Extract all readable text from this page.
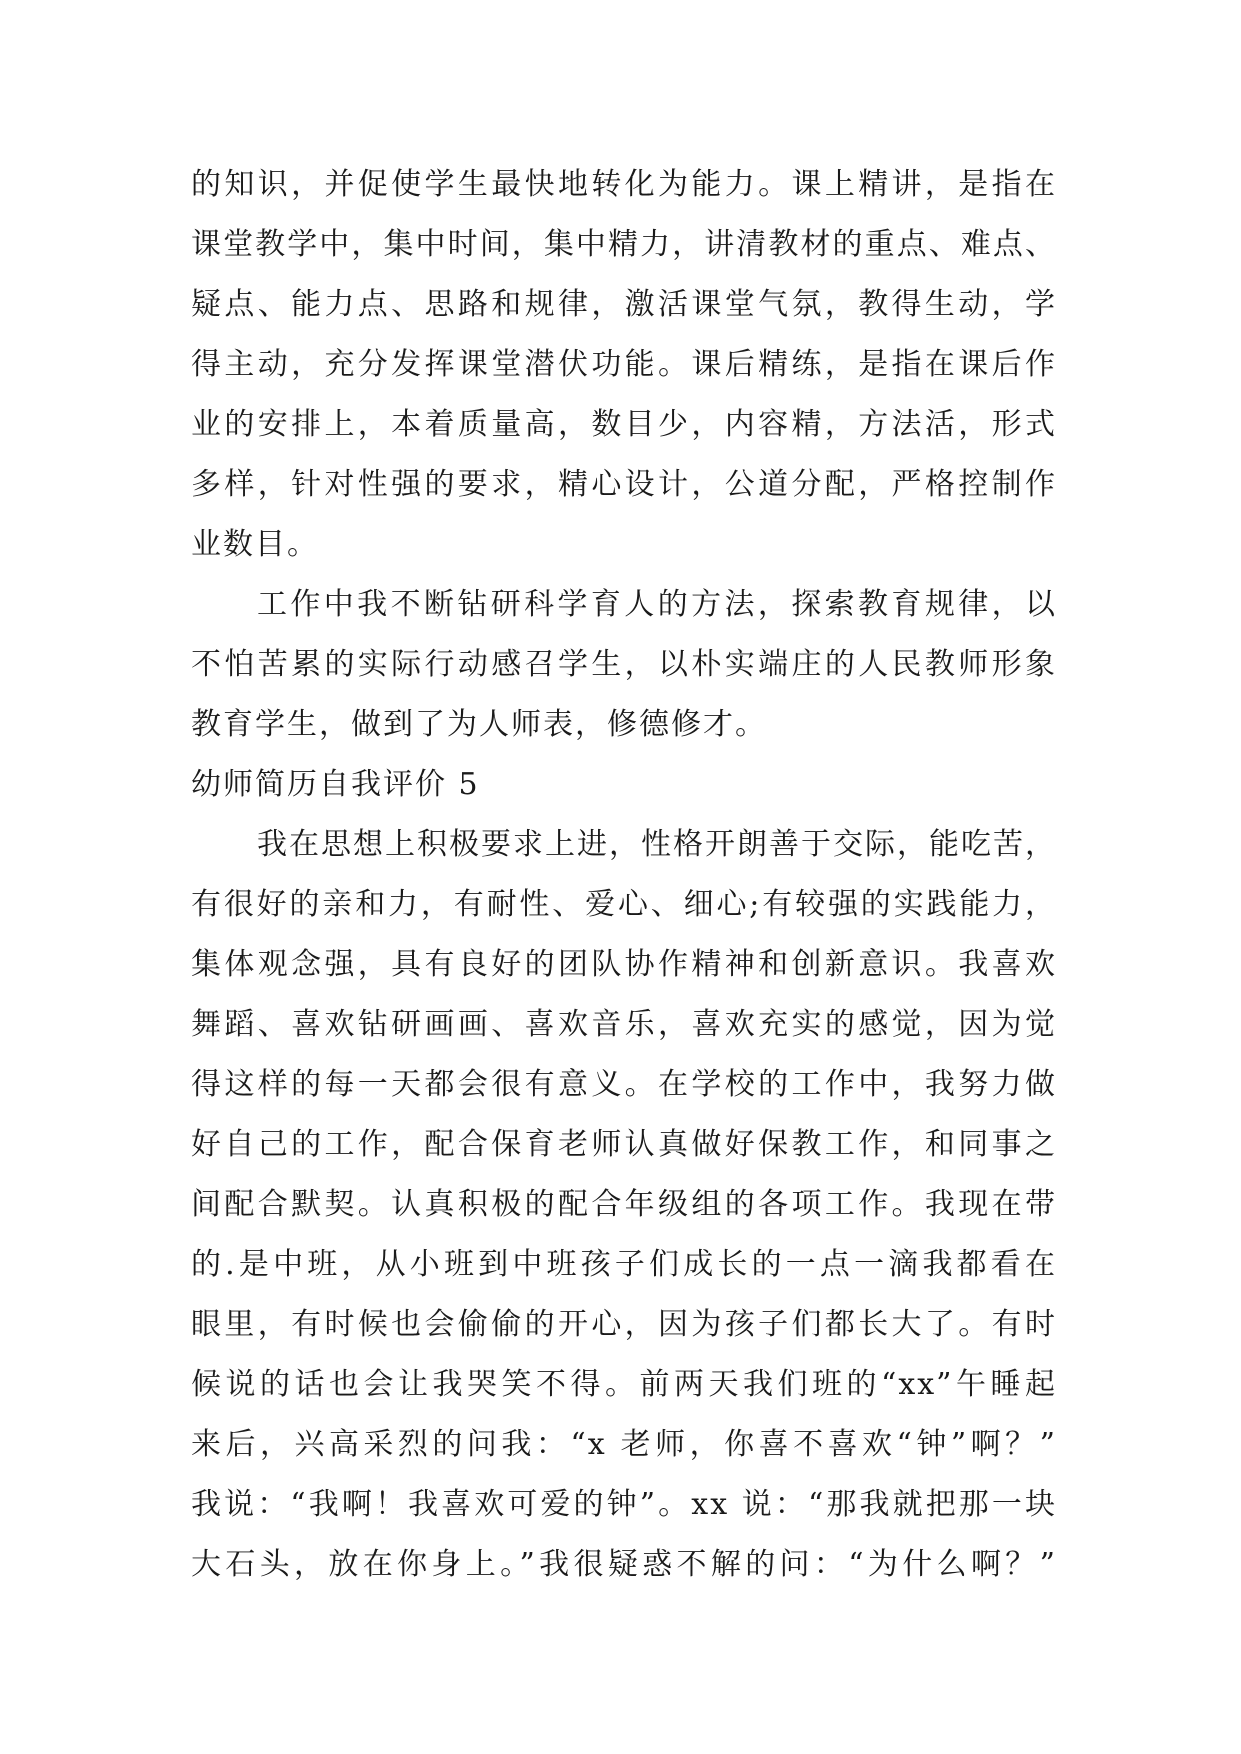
的知识，并促使学生最快地转化为能力。课上精讲，是指在
课堂教学中，集中时间，集中精力，讲清教材的重点、难点、
疑点、能力点、思路和规律，激活课堂气氛，教得生动，学
得主动，充分发挥课堂潜伏功能。课后精练，是指在课后作
业的安排上，本着质量高，数目少，内容精，方法活，形式
多样，针对性强的要求，精心设计，公道分配，严格控制作
业数目。

工作中我不断钻研科学育人的方法，探索教育规律，以
不怕苦累的实际行动感召学生，以朴实端庄的人民教师形象
教育学生，做到了为人师表，修德修才。

幼师简历自我评价 5

我在思想上积极要求上进，性格开朗善于交际，能吃苦，
有很好的亲和力，有耐性、爱心、细心;有较强的实践能力，
集体观念强，具有良好的团队协作精神和创新意识。我喜欢
舞蹈、喜欢钻研画画、喜欢音乐，喜欢充实的感觉，因为觉
得这样的每一天都会很有意义。在学校的工作中，我努力做
好自己的工作，配合保育老师认真做好保教工作，和同事之
间配合默契。认真积极的配合年级组的各项工作。我现在带
的.是中班，从小班到中班孩子们成长的一点一滴我都看在
眼里，有时候也会偷偷的开心，因为孩子们都长大了。有时
候说的话也会让我哭笑不得。前两天我们班的“xx”午睡起
来后，兴高采烈的问我：“x 老师，你喜不喜欢“钟”啊？”
我说：“我啊！我喜欢可爱的钟”。xx 说：“那我就把那一块
大石头，放在你身上。”我很疑惑不解的问：“为什么啊？”
